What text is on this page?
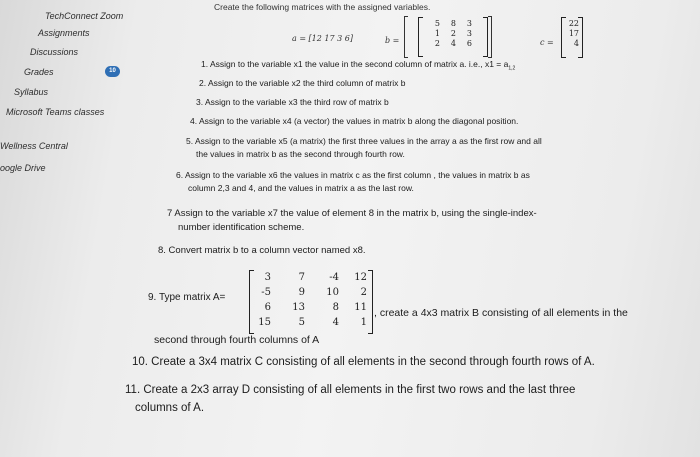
TechConnect Zoom
Assignments
Discussions
Grades	10
Syllabus
Microsoft Teams classes
Wellness Central
oogle Drive
Create the following matrices with the assigned variables.
a = [12 17 3 6]	b =
5	8	3
1	2	3
2	4	6	c =
22
17
4
1. Assign to the variable x1 the value in the second column of matrix a. i.e., $x1 = a_{1,2}$
2. Assign to the variable x2 the third column of matrix b
3. Assign to the variable x3 the third row of matrix b
4. Assign to the variable x4 (a vector) the values in matrix b along the diagonal position.
5. Assign to the variable x5 (a matrix) the first three values in the array a as the first row and all
the values in matrix b as the second through fourth row.
6. Assign to the variable x6 the values in matrix c as the first column , the values in matrix b as
column 2,3 and 4, and the values in matrix a as the last row.
7 Assign to the variable x7 the value of element 8 in the matrix b, using the single-index-
number identification scheme.
8. Convert matrix b to a column vector named x8.
9. Type matrix A=
3	7	-4	12
-5	9	10	2
6	13	8	11
15	5	4	1
, create a 4x3 matrix B consisting of all elements in the
second through fourth columns of A
10. Create a 3x4 matrix C consisting of all elements in the second through fourth rows of A.
11. Create a 2x3 array D consisting of all elements in the first two rows and the last three
columns of A.
